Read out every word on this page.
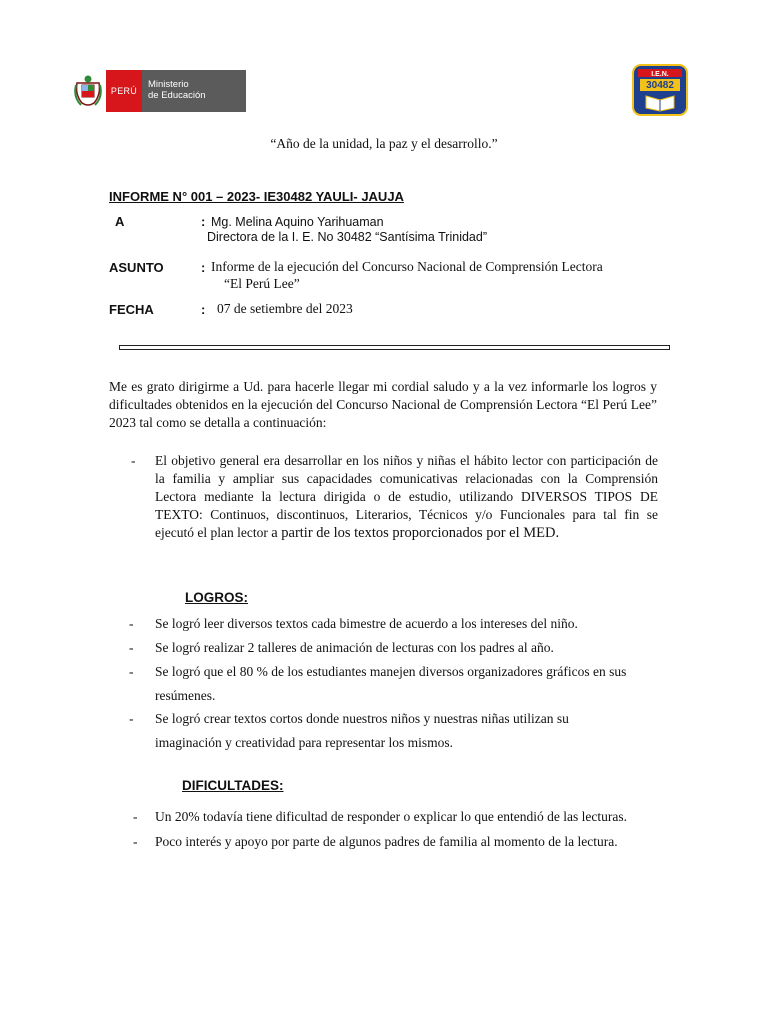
PERÚ
Ministerio
de Educación
I.E.N.
30482
“Año de la unidad, la paz y el desarrollo.”
INFORME N° 001 – 2023- IE30482 YAULI- JAUJA
A	: Mg. Melina Aquino Yarihuaman
Directora de la I. E. No 30482 “Santísima Trinidad”
ASUNTO	: Informe de la ejecución del Concurso Nacional de Comprensión Lectora
“El Perú Lee”
FECHA	: 07 de setiembre del 2023
Me es grato dirigirme a Ud. para hacerle llegar mi cordial saludo y a la vez informarle los logros y dificultades obtenidos en la ejecución del Concurso Nacional de Comprensión Lectora “El Perú Lee” 2023 tal como se detalla a continuación:
- El objetivo general era desarrollar en los niños y niñas el hábito lector con participación de la familia y ampliar sus capacidades comunicativas relacionadas con la Comprensión Lectora mediante la lectura dirigida o de estudio, utilizando DIVERSOS TIPOS DE TEXTO: Continuos, discontinuos, Literarios, Técnicos y/o Funcionales para tal fin se ejecutó el plan lector a partir de los textos proporcionados por el MED.
LOGROS:
- Se logró leer diversos textos cada bimestre de acuerdo a los intereses del niño.
- Se logró realizar 2 talleres de animación de lecturas con los padres al año.
- Se logró que el 80 % de los estudiantes manejen diversos organizadores gráficos en sus resúmenes.
- Se logró crear textos cortos donde nuestros niños y nuestras niñas utilizan su imaginación y creatividad para representar los mismos.
DIFICULTADES:
- Un 20% todavía tiene dificultad de responder o explicar lo que entendió de las lecturas.
- Poco interés y apoyo por parte de algunos padres de familia al momento de la lectura.
